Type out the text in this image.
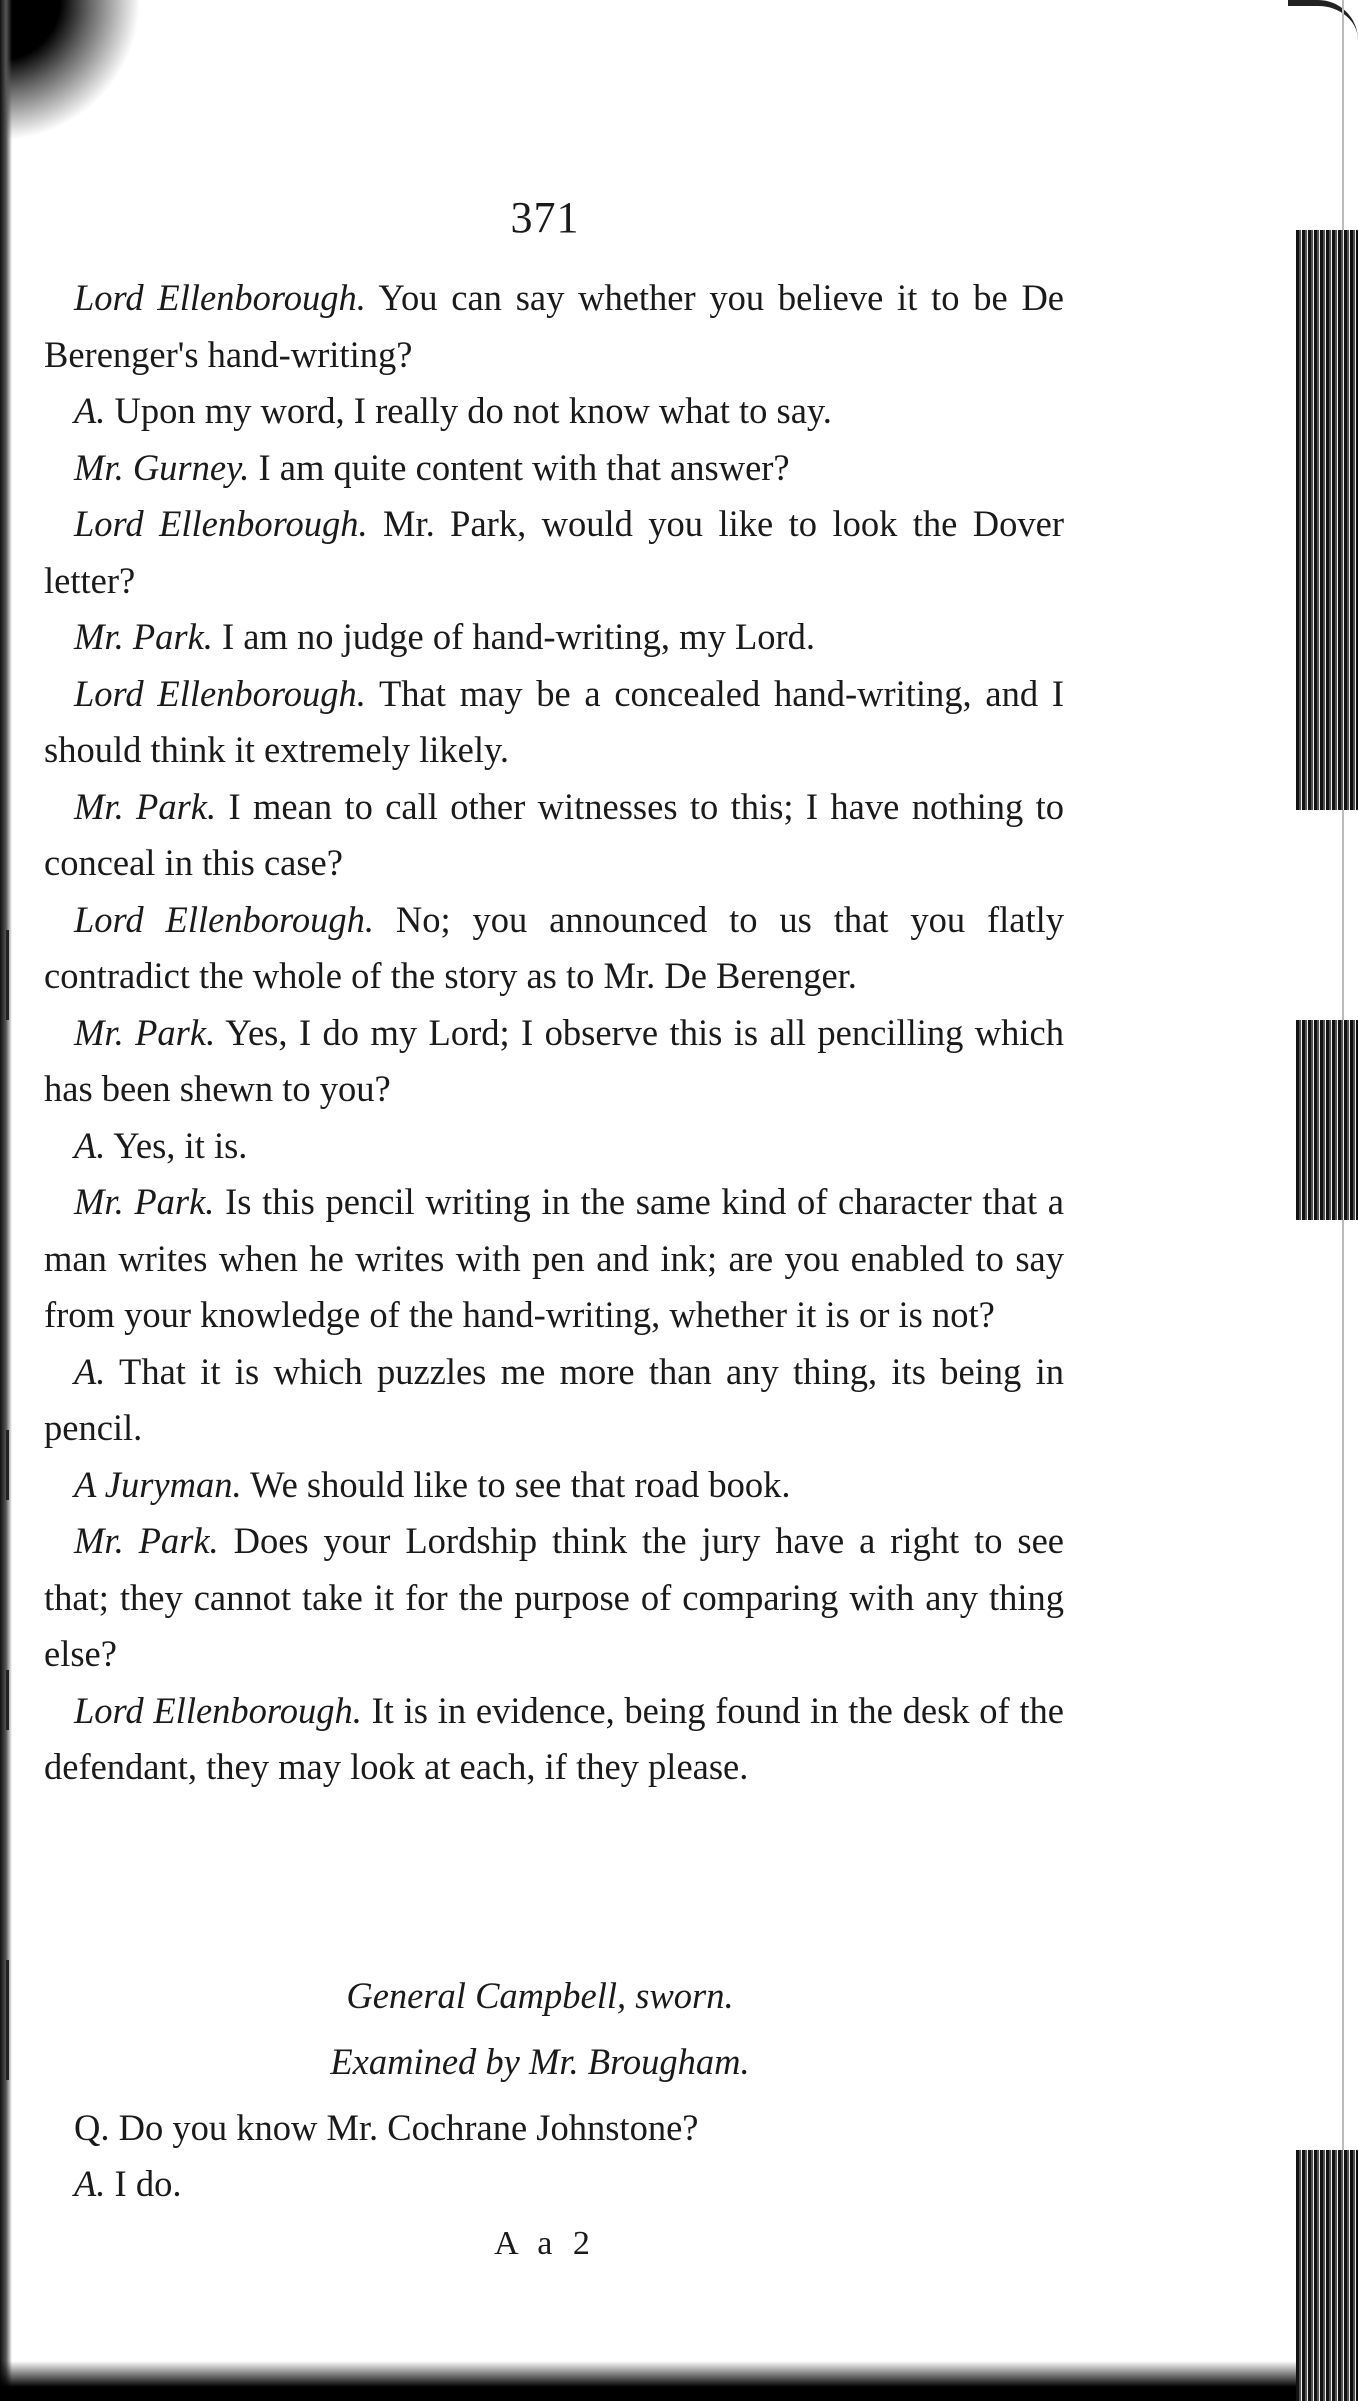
371

Lord Ellenborough. You can say whether you believe it to be De Berenger's hand-writing?

A. Upon my word, I really do not know what to say.

Mr. Gurney. I am quite content with that answer?

Lord Ellenborough. Mr. Park, would you like to look the Dover letter?

Mr. Park. I am no judge of hand-writing, my Lord.

Lord Ellenborough. That may be a concealed hand-writing, and I should think it extremely likely.

Mr. Park. I mean to call other witnesses to this; I have nothing to conceal in this case?

Lord Ellenborough. No; you announced to us that you flatly contradict the whole of the story as to Mr. De Berenger.

Mr. Park. Yes, I do my Lord; I observe this is all pencilling which has been shewn to you?

A. Yes, it is.

Mr. Park. Is this pencil writing in the same kind of character that a man writes when he writes with pen and ink; are you enabled to say from your knowledge of the hand-writing, whether it is or is not?

A. That it is which puzzles me more than any thing, its being in pencil.

A Juryman. We should like to see that road book.

Mr. Park. Does your Lordship think the jury have a right to see that; they cannot take it for the purpose of comparing with any thing else?

Lord Ellenborough. It is in evidence, being found in the desk of the defendant, they may look at each, if they please.

General Campbell, sworn.
Examined by Mr. Brougham.

Q. Do you know Mr. Cochrane Johnstone?

A. I do.

A a 2
